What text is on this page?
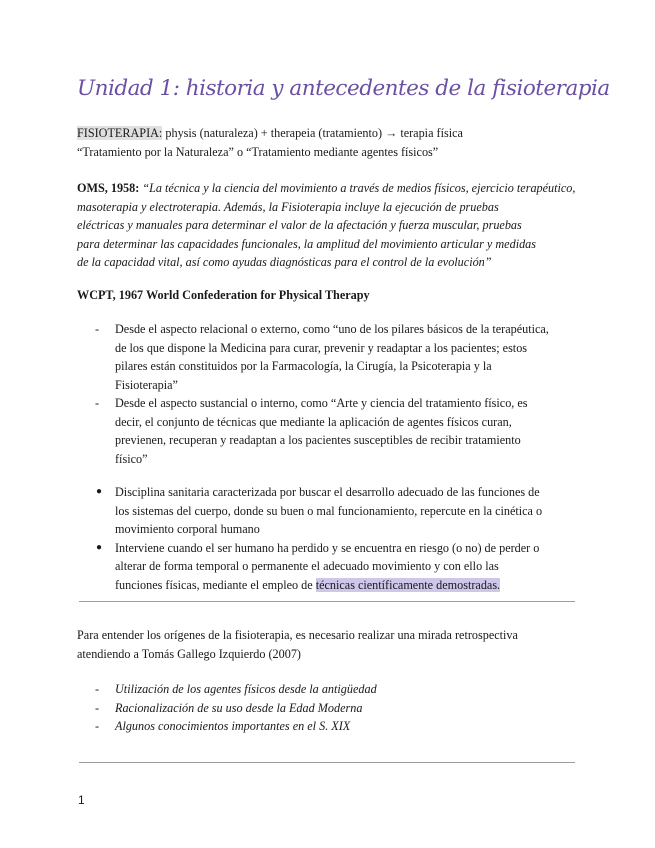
Unidad 1: historia y antecedentes de la fisioterapia
FISIOTERAPIA: physis (naturaleza) + therapeia (tratamiento) → terapia física
“Tratamiento por la Naturaleza” o “Tratamiento mediante agentes físicos”
OMS, 1958: “La técnica y la ciencia del movimiento a través de medios físicos, ejercicio terapéutico,
masoterapia y electroterapia. Además, la Fisioterapia incluye la ejecución de pruebas
eléctricas y manuales para determinar el valor de la afectación y fuerza muscular, pruebas
para determinar las capacidades funcionales, la amplitud del movimiento articular y medidas
de la capacidad vital, así como ayudas diagnósticas para el control de la evolución”
WCPT, 1967 World Confederation for Physical Therapy
- Desde el aspecto relacional o externo, como “uno de los pilares básicos de la terapéutica,
de los que dispone la Medicina para curar, prevenir y readaptar a los pacientes; estos
pilares están constituidos por la Farmacología, la Cirugía, la Psicoterapia y la
Fisioterapia”
- Desde el aspecto sustancial o interno, como “Arte y ciencia del tratamiento físico, es
decir, el conjunto de técnicas que mediante la aplicación de agentes físicos curan,
previenen, recuperan y readaptan a los pacientes susceptibles de recibir tratamiento
físico”
● Disciplina sanitaria caracterizada por buscar el desarrollo adecuado de las funciones de
los sistemas del cuerpo, donde su buen o mal funcionamiento, repercute en la cinética o
movimiento corporal humano
● Interviene cuando el ser humano ha perdido y se encuentra en riesgo (o no) de perder o
alterar de forma temporal o permanente el adecuado movimiento y con ello las
funciones físicas, mediante el empleo de técnicas científicamente demostradas.
Para entender los orígenes de la fisioterapia, es necesario realizar una mirada retrospectiva
atendiendo a Tomás Gallego Izquierdo (2007)
- Utilización de los agentes físicos desde la antigüedad
- Racionalización de su uso desde la Edad Moderna
- Algunos conocimientos importantes en el S. XIX
1
